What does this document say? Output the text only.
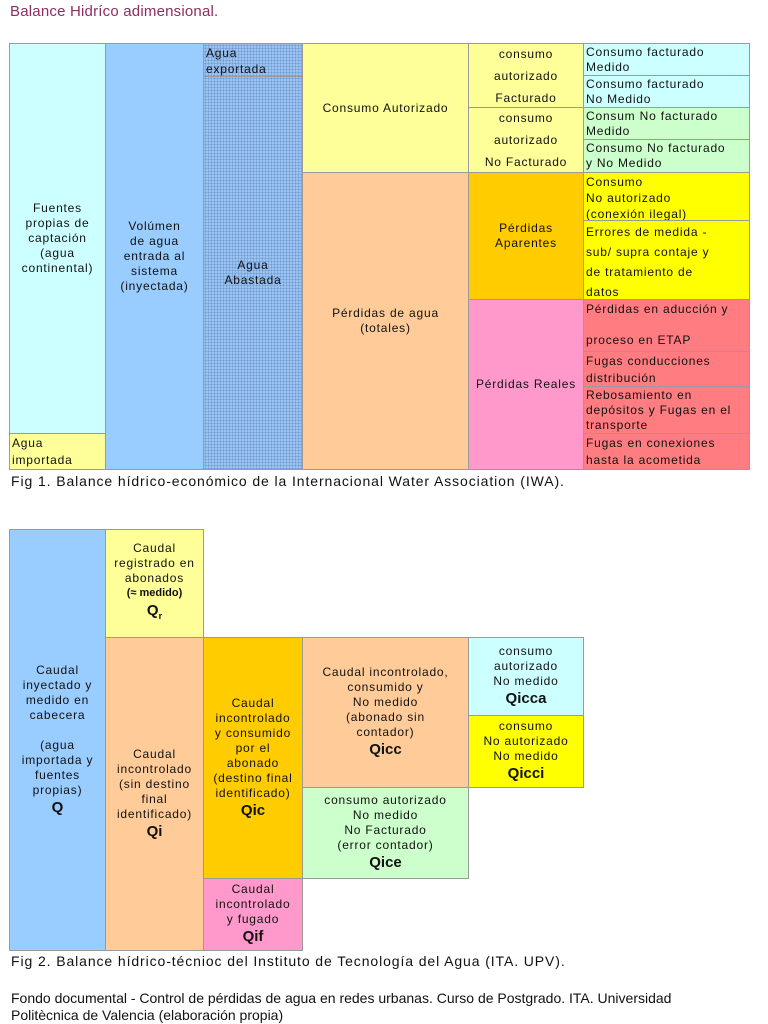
Balance Hidríco adimensional.
Fuentes
propias de
captación
(agua
continental)
Agua
importada
Volúmen
de agua
entrada al
sistema
(inyectada)
Agua
exportada
Agua
Abastada
Consumo Autorizado
Pérdidas de agua
(totales)
consumo
autorizado
Facturado
consumo
autorizado
No Facturado
Pérdidas
Aparentes
Pérdidas Reales
Consumo facturado
Medido
Consumo facturado
No Medido
Consum No facturado
Medido
Consumo No facturado
y No Medido
Consumo
No autorizado
(conexión ilegal)
Errores de medida -
sub/ supra contaje y
de tratamiento de
datos
Pérdidas en aducción y
proceso en ETAP
Fugas conducciones
distribución
Rebosamiento en
depósitos y Fugas en el
transporte
Fugas en conexiones
hasta la acometida
Fig 1. Balance hídrico-económico de la Internacional Water Association (IWA).
Caudal
inyectado y
medido en
cabecera
(agua
importada y
fuentes
propias)
Q
Caudal
registrado en
abonados
(≈ medido)
$Q_r$
Caudal
incontrolado
(sin destino
final
identificado)
Qi
Caudal
incontrolado
y consumido
por el
abonado
(destino final
identificado)
Qic
Caudal
incontrolado
y fugado
Qif
Caudal incontrolado,
consumido y
No medido
(abonado sin
contador)
Qicc
consumo autorizado
No medido
No Facturado
(error contador)
Qice
consumo
autorizado
No medido
Qicca
consumo
No autorizado
No medido
Qicci
Fig 2. Balance hídrico-técnioc del Instituto de Tecnología del Agua (ITA. UPV).
Fondo documental - Control de pérdidas de agua en redes urbanas. Curso de Postgrado. ITA. Universidad
Politècnica de Valencia (elaboración propia)
